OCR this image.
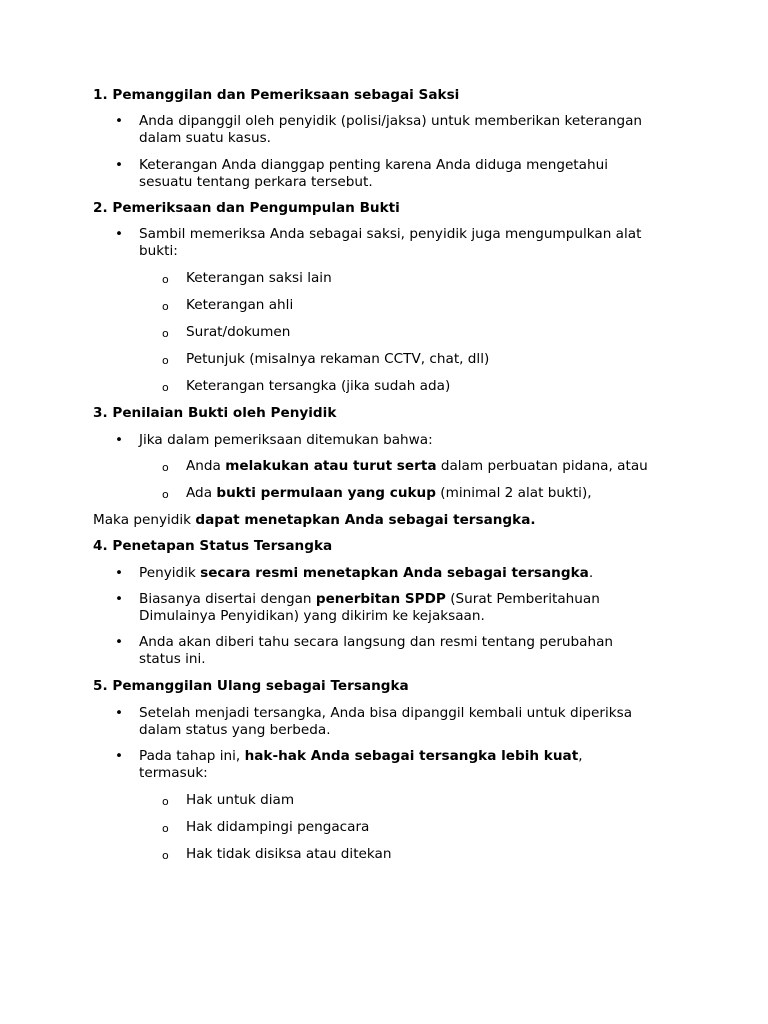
1. Pemanggilan dan Pemeriksaan sebagai Saksi
• Anda dipanggil oleh penyidik (polisi/jaksa) untuk memberikan keterangan
dalam suatu kasus.
• Keterangan Anda dianggap penting karena Anda diduga mengetahui
sesuatu tentang perkara tersebut.
2. Pemeriksaan dan Pengumpulan Bukti
• Sambil memeriksa Anda sebagai saksi, penyidik juga mengumpulkan alat
bukti:
o Keterangan saksi lain
o Keterangan ahli
o Surat/dokumen
o Petunjuk (misalnya rekaman CCTV, chat, dll)
o Keterangan tersangka (jika sudah ada)
3. Penilaian Bukti oleh Penyidik
• Jika dalam pemeriksaan ditemukan bahwa:
o Anda melakukan atau turut serta dalam perbuatan pidana, atau
o Ada bukti permulaan yang cukup (minimal 2 alat bukti),
Maka penyidik dapat menetapkan Anda sebagai tersangka.
4. Penetapan Status Tersangka
• Penyidik secara resmi menetapkan Anda sebagai tersangka.
• Biasanya disertai dengan penerbitan SPDP (Surat Pemberitahuan
Dimulainya Penyidikan) yang dikirim ke kejaksaan.
• Anda akan diberi tahu secara langsung dan resmi tentang perubahan
status ini.
5. Pemanggilan Ulang sebagai Tersangka
• Setelah menjadi tersangka, Anda bisa dipanggil kembali untuk diperiksa
dalam status yang berbeda.
• Pada tahap ini, hak-hak Anda sebagai tersangka lebih kuat,
termasuk:
o Hak untuk diam
o Hak didampingi pengacara
o Hak tidak disiksa atau ditekan
